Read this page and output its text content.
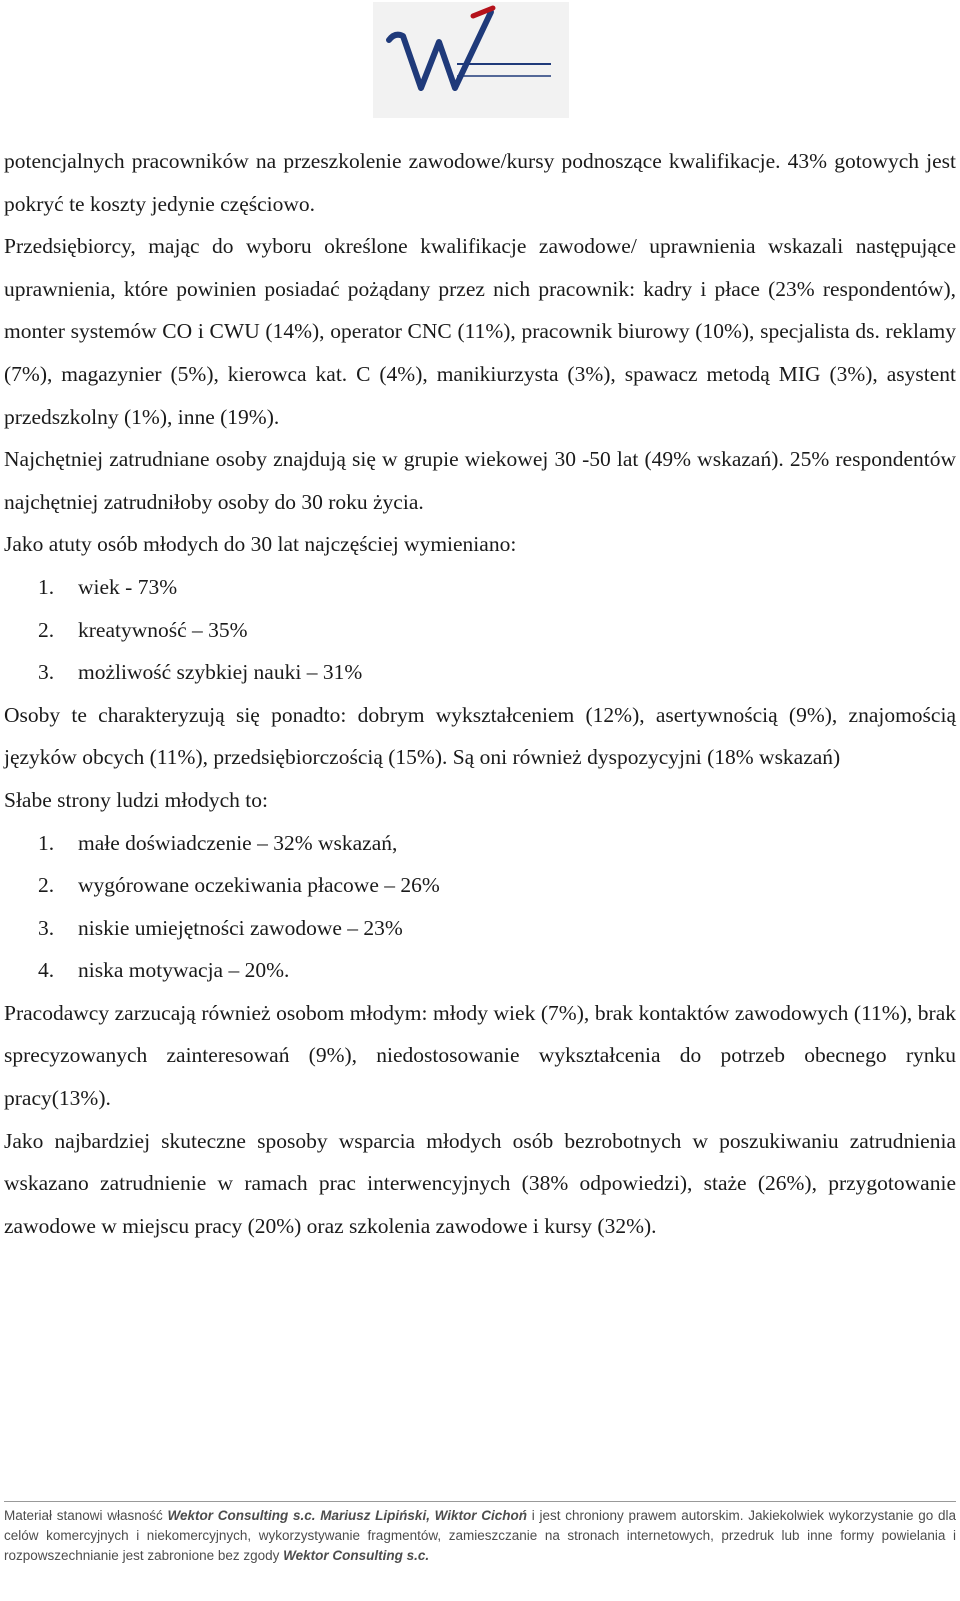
potencjalnych pracowników na przeszkolenie zawodowe/kursy podnoszące kwalifikacje. 43% gotowych jest pokryć te koszty jedynie częściowo.

Przedsiębiorcy, mając do wyboru określone kwalifikacje zawodowe/ uprawnienia wskazali następujące uprawnienia, które powinien posiadać pożądany przez nich pracownik: kadry i płace (23% respondentów), monter systemów CO i CWU (14%), operator CNC (11%), pracownik biurowy (10%), specjalista ds. reklamy (7%), magazynier (5%), kierowca kat. C (4%), manikiurzysta (3%), spawacz metodą MIG (3%), asystent przedszkolny (1%), inne (19%).

Najchętniej zatrudniane osoby znajdują się w grupie wiekowej 30 -50 lat (49% wskazań). 25% respondentów najchętniej zatrudniłoby osoby do 30 roku życia.

Jako atuty osób młodych do 30 lat najczęściej wymieniano:

1. wiek - 73%
2. kreatywność – 35%
3. możliwość szybkiej nauki – 31%

Osoby te charakteryzują się ponadto: dobrym wykształceniem (12%), asertywnością (9%), znajomością języków obcych (11%), przedsiębiorczością (15%). Są oni również dyspozycyjni (18% wskazań)

Słabe strony ludzi młodych to:

1. małe doświadczenie – 32% wskazań,
2. wygórowane oczekiwania płacowe – 26%
3. niskie umiejętności zawodowe – 23%
4. niska motywacja – 20%.

Pracodawcy zarzucają również osobom młodym: młody wiek (7%), brak kontaktów zawodowych (11%), brak sprecyzowanych zainteresowań (9%), niedostosowanie wykształcenia do potrzeb obecnego rynku pracy(13%).

Jako najbardziej skuteczne sposoby wsparcia młodych osób bezrobotnych w poszukiwaniu zatrudnienia wskazano zatrudnienie w ramach prac interwencyjnych (38% odpowiedzi), staże (26%), przygotowanie zawodowe w miejscu pracy (20%) oraz szkolenia zawodowe i kursy (32%).

Materiał stanowi własność Wektor Consulting s.c. Mariusz Lipiński, Wiktor Cichoń i jest chroniony prawem autorskim. Jakiekolwiek wykorzystanie go dla celów komercyjnych i niekomercyjnych, wykorzystywanie fragmentów, zamieszczanie na stronach internetowych, przedruk lub inne formy powielania i rozpowszechnianie jest zabronione bez zgody Wektor Consulting s.c.
